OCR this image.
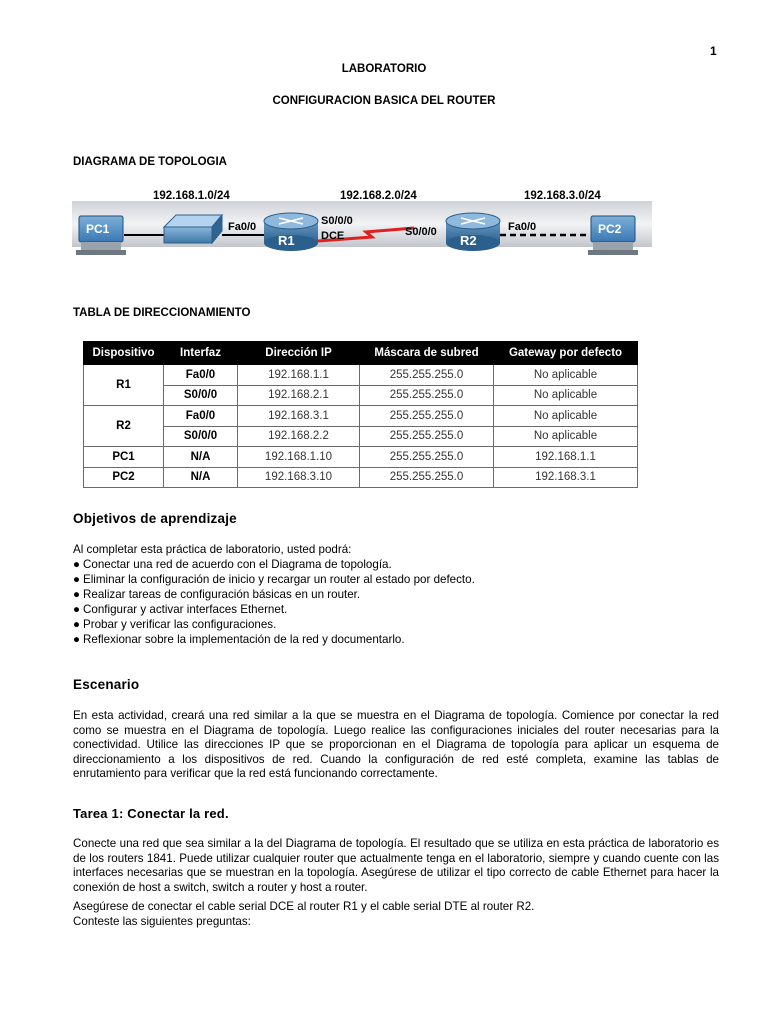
1
LABORATORIO
CONFIGURACION BASICA DEL ROUTER
DIAGRAMA DE TOPOLOGIA
192.168.1.0/24	192.168.2.0/24	192.168.3.0/24
PC1	Fa0/0
R1
S0/0/0
DCE	S0/0/0
R2
Fa0/0	PC2
TABLA DE DIRECCIONAMIENTO
Dispositivo	Interfaz	Dirección IP	Máscara de subred	Gateway por defecto
R1	Fa0/0	192.168.1.1	255.255.255.0	No aplicable
	S0/0/0	192.168.2.1	255.255.255.0	No aplicable
R2	Fa0/0	192.168.3.1	255.255.255.0	No aplicable
	S0/0/0	192.168.2.2	255.255.255.0	No aplicable
PC1	N/A	192.168.1.10	255.255.255.0	192.168.1.1
PC2	N/A	192.168.3.10	255.255.255.0	192.168.3.1
Objetivos de aprendizaje
Al completar esta práctica de laboratorio, usted podrá:
● Conectar una red de acuerdo con el Diagrama de topología.
● Eliminar la configuración de inicio y recargar un router al estado por defecto.
● Realizar tareas de configuración básicas en un router.
● Configurar y activar interfaces Ethernet.
● Probar y verificar las configuraciones.
● Reflexionar sobre la implementación de la red y documentarlo.
Escenario
En esta actividad, creará una red similar a la que se muestra en el Diagrama de topología. Comience por conectar la red como se muestra en el Diagrama de topología. Luego realice las configuraciones iniciales del router necesarias para la conectividad. Utilice las direcciones IP que se proporcionan en el Diagrama de topología para aplicar un esquema de direccionamiento a los dispositivos de red. Cuando la configuración de red esté completa, examine las tablas de enrutamiento para verificar que la red está funcionando correctamente.
Tarea 1: Conectar la red.
Conecte una red que sea similar a la del Diagrama de topología. El resultado que se utiliza en esta práctica de laboratorio es de los routers 1841. Puede utilizar cualquier router que actualmente tenga en el laboratorio, siempre y cuando cuente con las interfaces necesarias que se muestran en la topología. Asegúrese de utilizar el tipo correcto de cable Ethernet para hacer la conexión de host a switch, switch a router y host a router.
Asegúrese de conectar el cable serial DCE al router R1 y el cable serial DTE al router R2.
Conteste las siguientes preguntas:
